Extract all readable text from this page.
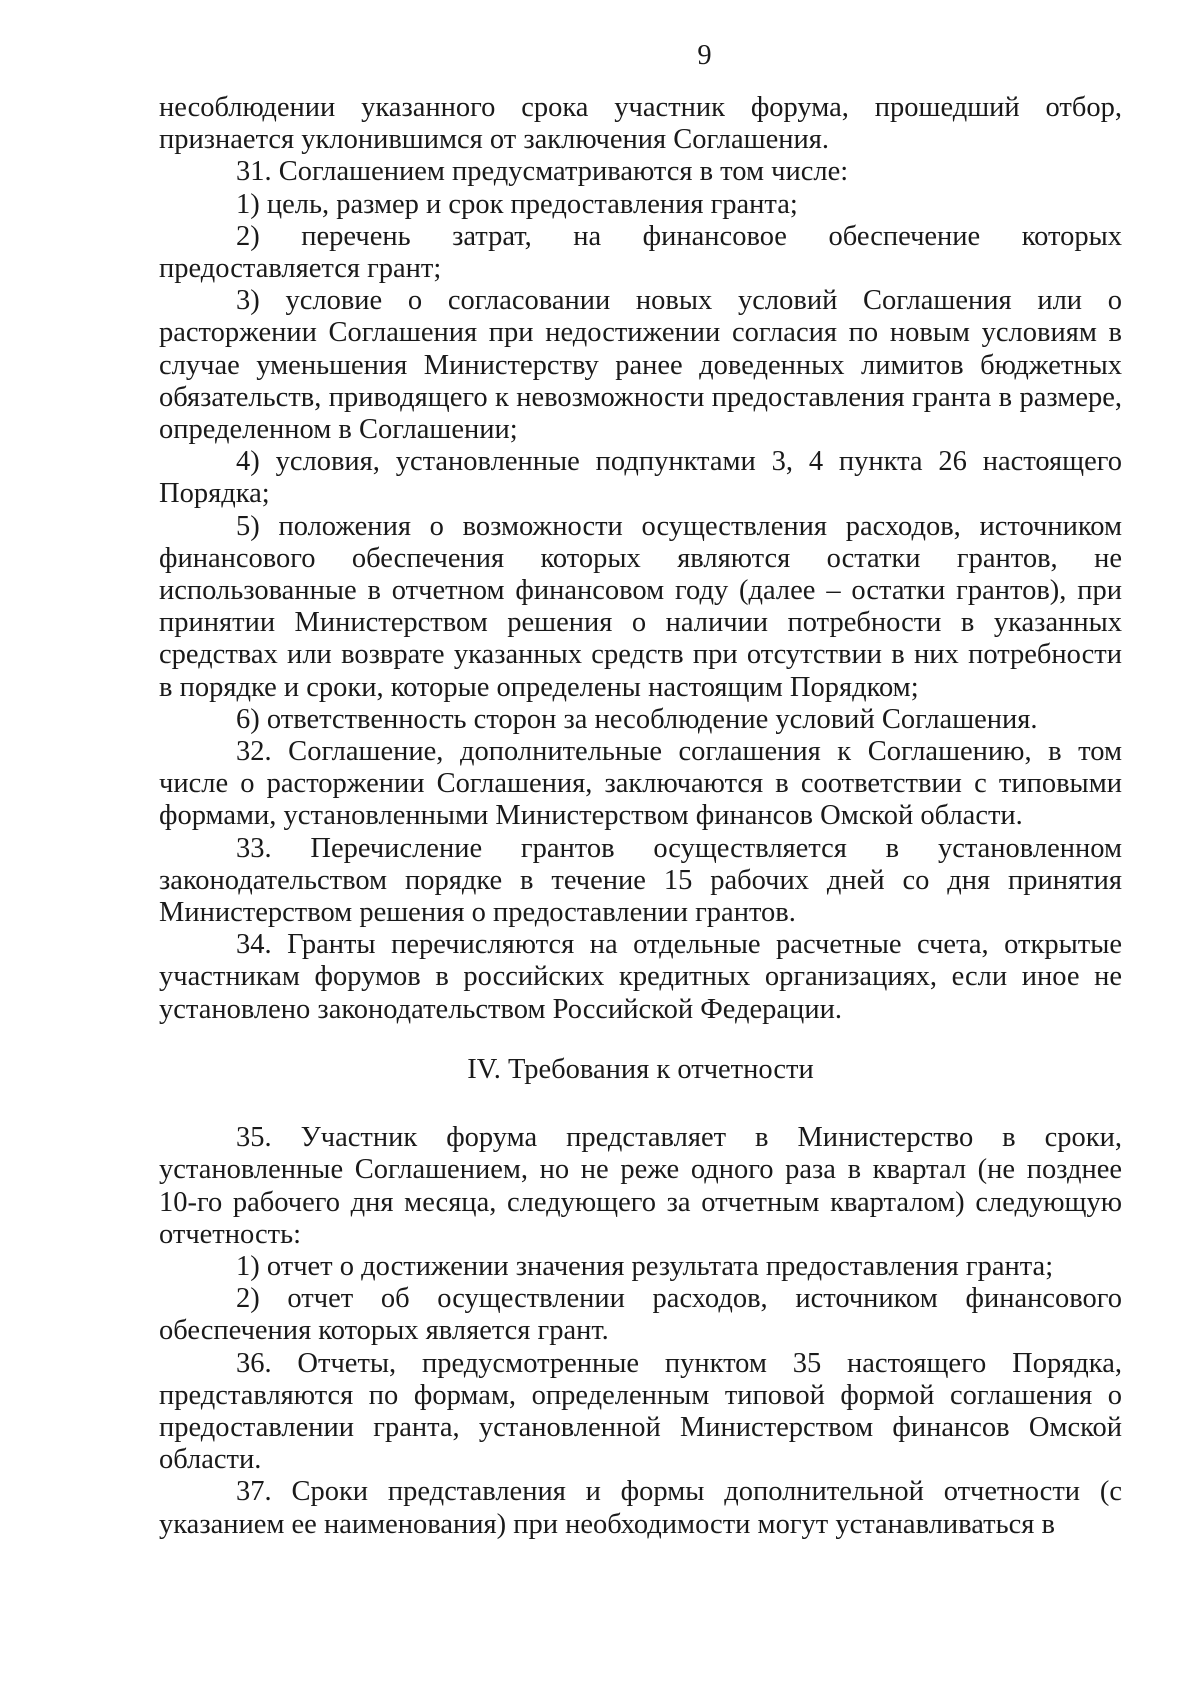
9

несоблюдении указанного срока участник форума, прошедший отбор, признается уклонившимся от заключения Соглашения.

31. Соглашением предусматриваются в том числе:

1) цель, размер и срок предоставления гранта;

2) перечень затрат, на финансовое обеспечение которых предоставляется грант;

3) условие о согласовании новых условий Соглашения или о расторжении Соглашения при недостижении согласия по новым условиям в случае уменьшения Министерству ранее доведенных лимитов бюджетных обязательств, приводящего к невозможности предоставления гранта в размере, определенном в Соглашении;

4) условия, установленные подпунктами 3, 4 пункта 26 настоящего Порядка;

5) положения о возможности осуществления расходов, источником финансового обеспечения которых являются остатки грантов, не использованные в отчетном финансовом году (далее – остатки грантов), при принятии Министерством решения о наличии потребности в указанных средствах или возврате указанных средств при отсутствии в них потребности в порядке и сроки, которые определены настоящим Порядком;

6) ответственность сторон за несоблюдение условий Соглашения.

32. Соглашение, дополнительные соглашения к Соглашению, в том числе о расторжении Соглашения, заключаются в соответствии с типовыми формами, установленными Министерством финансов Омской области.

33. Перечисление грантов осуществляется в установленном законодательством порядке в течение 15 рабочих дней со дня принятия Министерством решения о предоставлении грантов.

34. Гранты перечисляются на отдельные расчетные счета, открытые участникам форумов в российских кредитных организациях, если иное не установлено законодательством Российской Федерации.

IV. Требования к отчетности

35. Участник форума представляет в Министерство в сроки, установленные Соглашением, но не реже одного раза в квартал (не позднее 10-го рабочего дня месяца, следующего за отчетным кварталом) следующую отчетность:

1) отчет о достижении значения результата предоставления гранта;

2) отчет об осуществлении расходов, источником финансового обеспечения которых является грант.

36. Отчеты, предусмотренные пунктом 35 настоящего Порядка, представляются по формам, определенным типовой формой соглашения о предоставлении гранта, установленной Министерством финансов Омской области.

37. Сроки представления и формы дополнительной отчетности (с указанием ее наименования) при необходимости могут устанавливаться в
